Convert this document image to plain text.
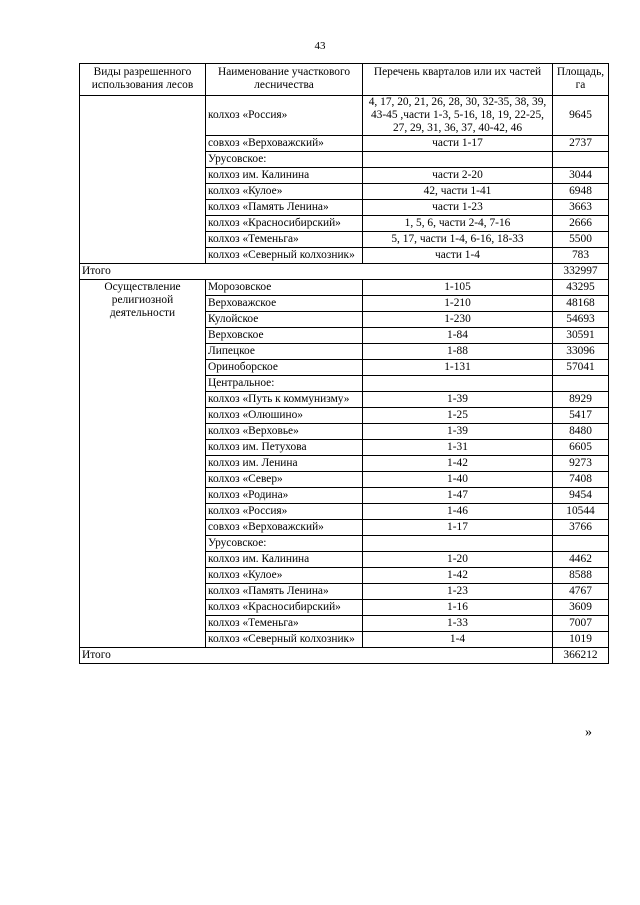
43
Виды разрешенного использования лесов	Наименование участкового лесничества	Перечень кварталов или их частей	Площадь, га
	колхоз «Россия»	4, 17, 20, 21, 26, 28, 30, 32-35, 38, 39, 43-45 ,части 1-3, 5-16, 18, 19, 22-25, 27, 29, 31, 36, 37, 40-42, 46	9645
	совхоз «Верховажский»	части 1-17	2737
	Урусовское:		
	колхоз им. Калинина	части 2-20	3044
	колхоз «Кулое»	42, части 1-41	6948
	колхоз «Память Ленина»	части 1-23	3663
	колхоз «Красносибирский»	1, 5, 6, части 2-4, 7-16	2666
	колхоз «Теменьга»	5, 17, части 1-4, 6-16, 18-33	5500
	колхоз «Северный колхозник»	части 1-4	783
Итого			332997
Осуществление религиозной деятельности	Морозовское	1-105	43295
	Верховажское	1-210	48168
	Кулойское	1-230	54693
	Верховское	1-84	30591
	Липецкое	1-88	33096
	Ориноборское	1-131	57041
	Центральное:		
	колхоз «Путь к коммунизму»	1-39	8929
	колхоз «Олюшино»	1-25	5417
	колхоз «Верховье»	1-39	8480
	колхоз им. Петухова	1-31	6605
	колхоз им. Ленина	1-42	9273
	колхоз «Север»	1-40	7408
	колхоз «Родина»	1-47	9454
	колхоз «Россия»	1-46	10544
	совхоз «Верховажский»	1-17	3766
	Урусовское:		
	колхоз им. Калинина	1-20	4462
	колхоз «Кулое»	1-42	8588
	колхоз «Память Ленина»	1-23	4767
	колхоз «Красносибирский»	1-16	3609
	колхоз «Теменьга»	1-33	7007
	колхоз «Северный колхозник»	1-4	1019
Итого			366212
»
